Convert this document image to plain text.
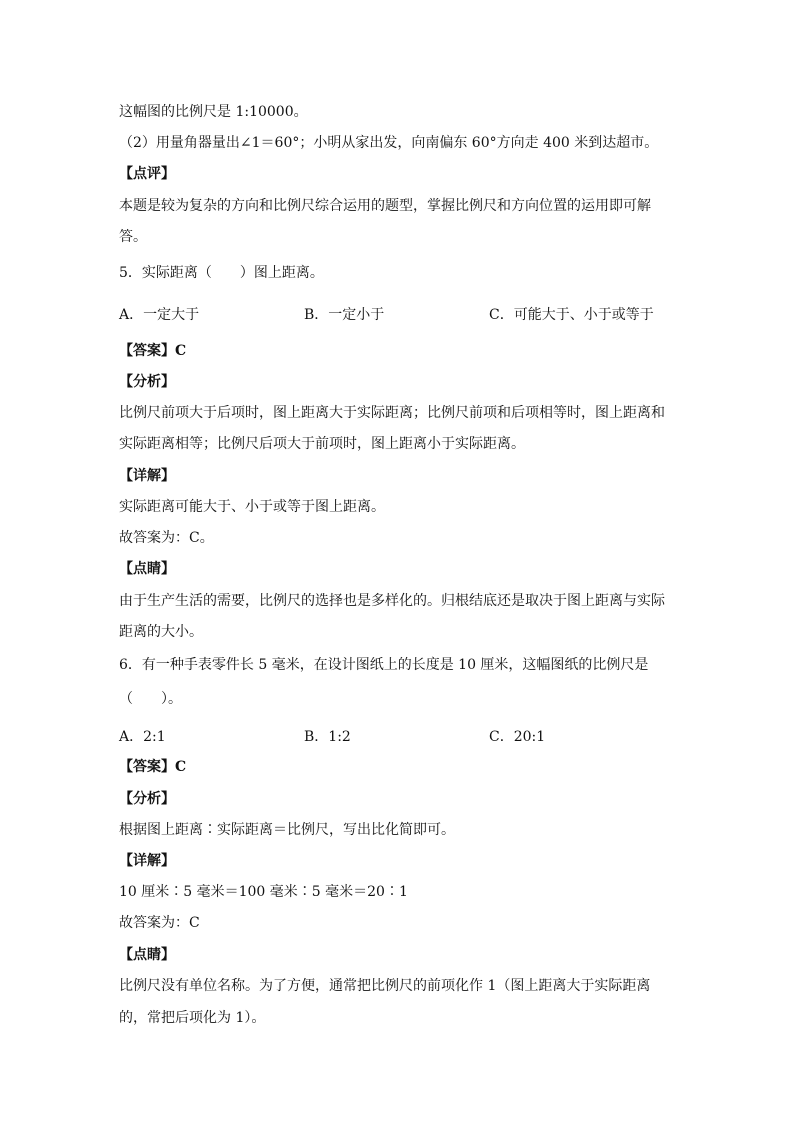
这幅图的比例尺是 1:10000。
（2）用量角器量出∠1＝60°；小明从家出发，向南偏东 60°方向走 400 米到达超市。
【点评】
本题是较为复杂的方向和比例尺综合运用的题型，掌握比例尺和方向位置的运用即可解
答。
5．实际距离（　　）图上距离。
A．一定大于	B．一定小于	C．可能大于、小于或等于
【答案】C
【分析】
比例尺前项大于后项时，图上距离大于实际距离；比例尺前项和后项相等时，图上距离和
实际距离相等；比例尺后项大于前项时，图上距离小于实际距离。
【详解】
实际距离可能大于、小于或等于图上距离。
故答案为：C。
【点睛】
由于生产生活的需要，比例尺的选择也是多样化的。归根结底还是取决于图上距离与实际
距离的大小。
6．有一种手表零件长 5 毫米，在设计图纸上的长度是 10 厘米，这幅图纸的比例尺是
（　　）。
A．2:1	B．1:2	C．20:1
【答案】C
【分析】
根据图上距离∶实际距离＝比例尺，写出比化简即可。
【详解】
10 厘米∶5 毫米＝100 毫米∶5 毫米＝20∶1
故答案为：C
【点睛】
比例尺没有单位名称。为了方便，通常把比例尺的前项化作 1（图上距离大于实际距离
的，常把后项化为 1）。
